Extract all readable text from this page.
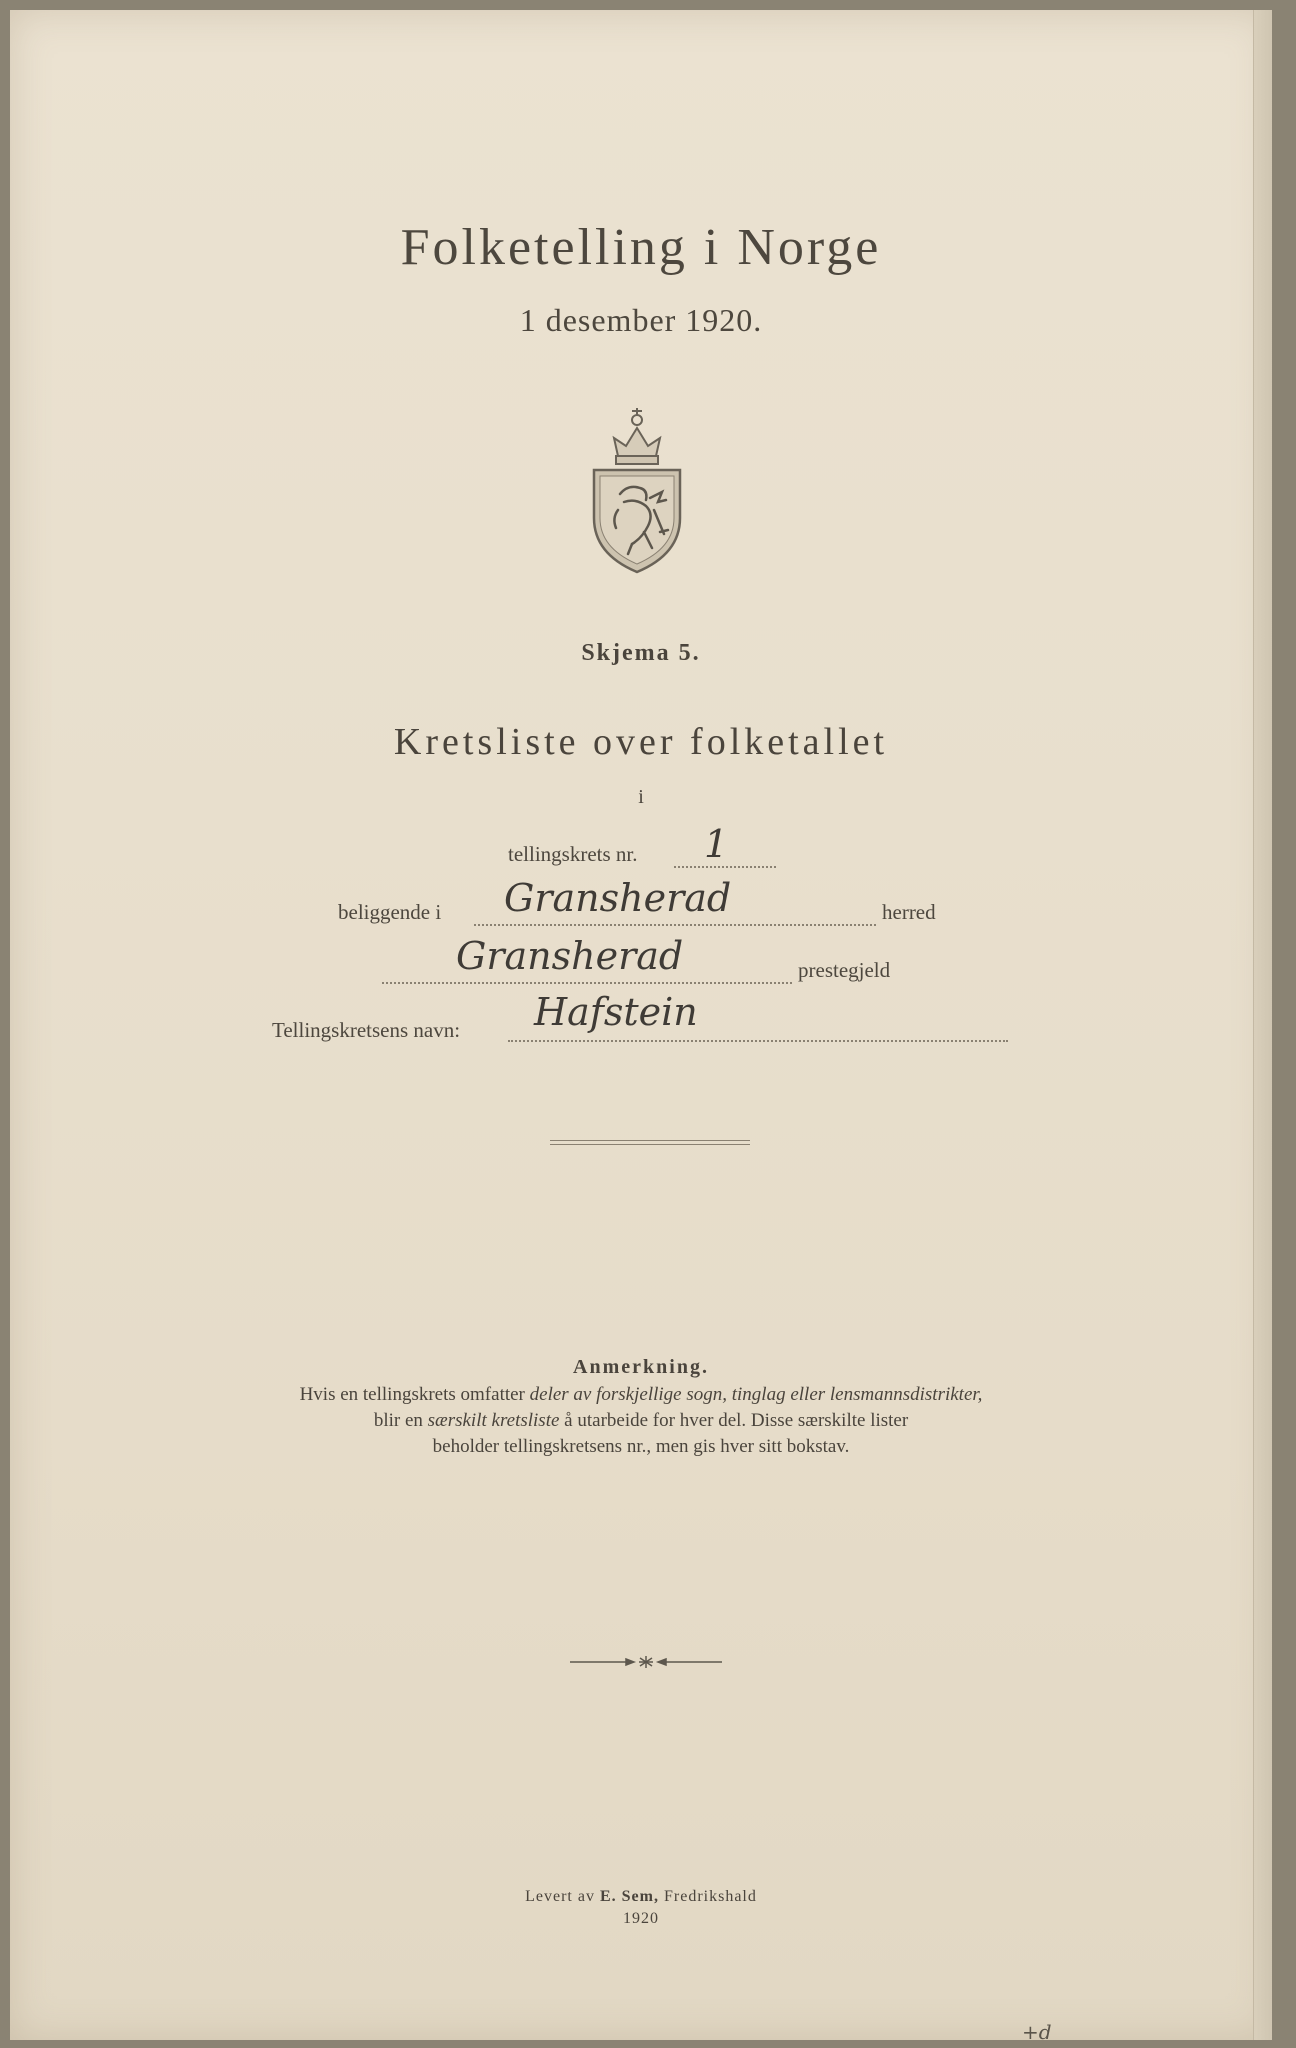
Folketelling i Norge
1 desember 1920.
Skjema 5.
Kretsliste over folketallet
i
tellingskrets nr. 1
beliggende i Gransherad	herred
Gransherad	prestegjeld
Tellingskretsens navn: Hafstein
Anmerkning.
Hvis en tellingskrets omfatter deler av forskjellige sogn, tinglag eller lensmannsdistrikter,
blir en særskilt kretsliste å utarbeide for hver del. Disse særskilte lister
beholder tellingskretsens nr., men gis hver sitt bokstav.
Levert av E. Sem, Fredrikshald
1920
+d
